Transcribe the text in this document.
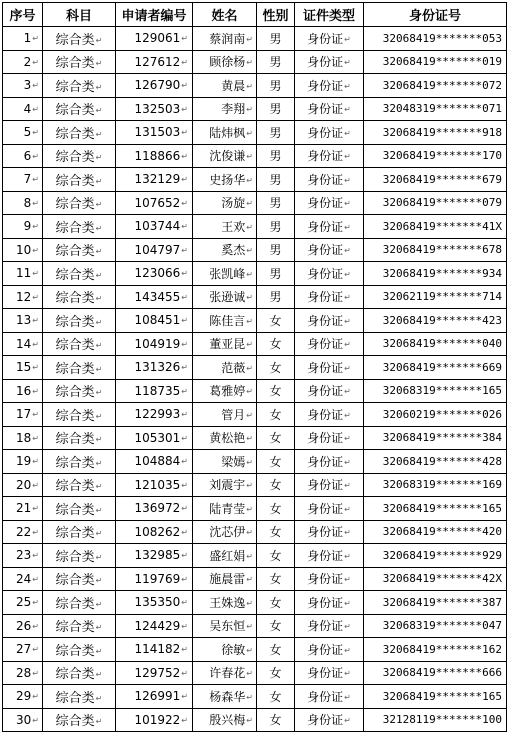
序号	科目	申请者编号	姓名	性别	证件类型	身份证号
1↵	综合类↵	129061↵	蔡润南↵	男	身份证↵	32068419*******053
2↵	综合类↵	127612↵	顾徐杨↵	男	身份证↵	32068419*******019
3↵	综合类↵	126790↵	黄晨↵	男	身份证↵	32068419*******072
4↵	综合类↵	132503↵	李翔↵	男	身份证↵	32048319*******071
5↵	综合类↵	131503↵	陆炜枫↵	男	身份证↵	32068419*******918
6↵	综合类↵	118866↵	沈俊谦↵	男	身份证↵	32068419*******170
7↵	综合类↵	132129↵	史扬华↵	男	身份证↵	32068419*******679
8↵	综合类↵	107652↵	汤旋↵	男	身份证↵	32068419*******079
9↵	综合类↵	103744↵	王欢↵	男	身份证↵	32068419*******41X
10↵	综合类↵	104797↵	奚杰↵	男	身份证↵	32068419*******678
11↵	综合类↵	123066↵	张凯峰↵	男	身份证↵	32068419*******934
12↵	综合类↵	143455↵	张逊诚↵	男	身份证↵	32062119*******714
13↵	综合类↵	108451↵	陈佳言↵	女	身份证↵	32068419*******423
14↵	综合类↵	104919↵	董亚昆↵	女	身份证↵	32068419*******040
15↵	综合类↵	131326↵	范薇↵	女	身份证↵	32068419*******669
16↵	综合类↵	118735↵	葛雅婷↵	女	身份证↵	32068319*******165
17↵	综合类↵	122993↵	管月↵	女	身份证↵	32060219*******026
18↵	综合类↵	105301↵	黄松艳↵	女	身份证↵	32068419*******384
19↵	综合类↵	104884↵	梁嫣↵	女	身份证↵	32068419*******428
20↵	综合类↵	121035↵	刘震宇↵	女	身份证↵	32068319*******169
21↵	综合类↵	136972↵	陆青莹↵	女	身份证↵	32068419*******165
22↵	综合类↵	108262↵	沈芯伊↵	女	身份证↵	32068419*******420
23↵	综合类↵	132985↵	盛红娟↵	女	身份证↵	32068419*******929
24↵	综合类↵	119769↵	施晨雷↵	女	身份证↵	32068419*******42X
25↵	综合类↵	135350↵	王姝逸↵	女	身份证↵	32068419*******387
26↵	综合类↵	124429↵	吴东恒↵	女	身份证↵	32068319*******047
27↵	综合类↵	114182↵	徐敏↵	女	身份证↵	32068419*******162
28↵	综合类↵	129752↵	许春花↵	女	身份证↵	32068419*******666
29↵	综合类↵	126991↵	杨森华↵	女	身份证↵	32068419*******165
30↵	综合类↵	101922↵	殷兴梅↵	女	身份证↵	32128119*******100
